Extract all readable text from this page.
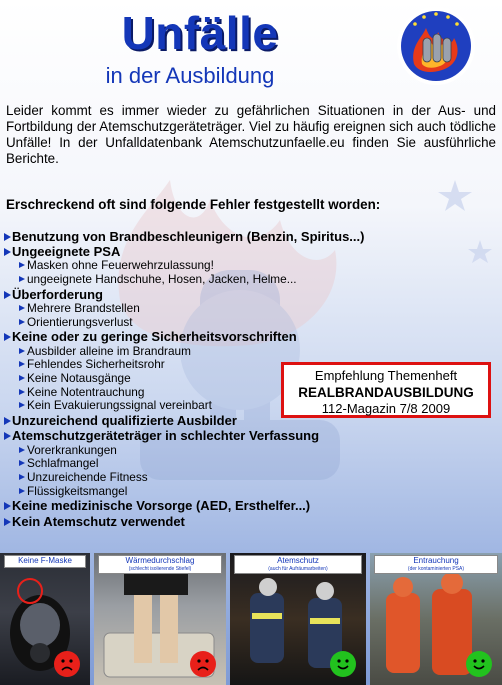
Unfälle
in der Ausbildung
Leider kommt es immer wieder zu gefährlichen Situationen in der Aus- und Fortbildung der Atemschutzgeräteträger. Viel zu häufig ereignen sich auch tödliche Unfälle! In der Unfalldatenbank Atemschutzunfaelle.eu finden Sie ausführliche Berichte.
Erschreckend oft sind folgende Fehler festgestellt worden:
Benutzung von Brandbeschleunigern (Benzin, Spiritus...)
Ungeeignete PSA
Masken ohne Feuerwehrzulassung!
ungeeignete Handschuhe, Hosen, Jacken, Helme...
Überforderung
Mehrere Brandstellen
Orientierungsverlust
Keine oder zu geringe Sicherheitsvorschriften
Ausbilder alleine im Brandraum
Fehlendes Sicherheitsrohr
Keine Notausgänge
Keine Notentrauchung
Kein Evakuierungssignal vereinbart
Unzureichend qualifizierte Ausbilder
Atemschutzgeräteträger in schlechter Verfassung
Vorerkrankungen
Schlafmangel
Unzureichende Fitness
Flüssigkeitsmangel
Keine medizinische Vorsorge (AED, Ersthelfer...)
Kein Atemschutz verwendet
Empfehlung Themenheft
REALBRANDAUSBILDUNG
112-Magazin 7/8 2009
Keine F-Maske	Wärmedurchschlag
(schlecht isolierende Stiefel)
Atemschutz
(auch für Aufräumarbeiten)
Entrauchung
(der kontaminierten PSA)
